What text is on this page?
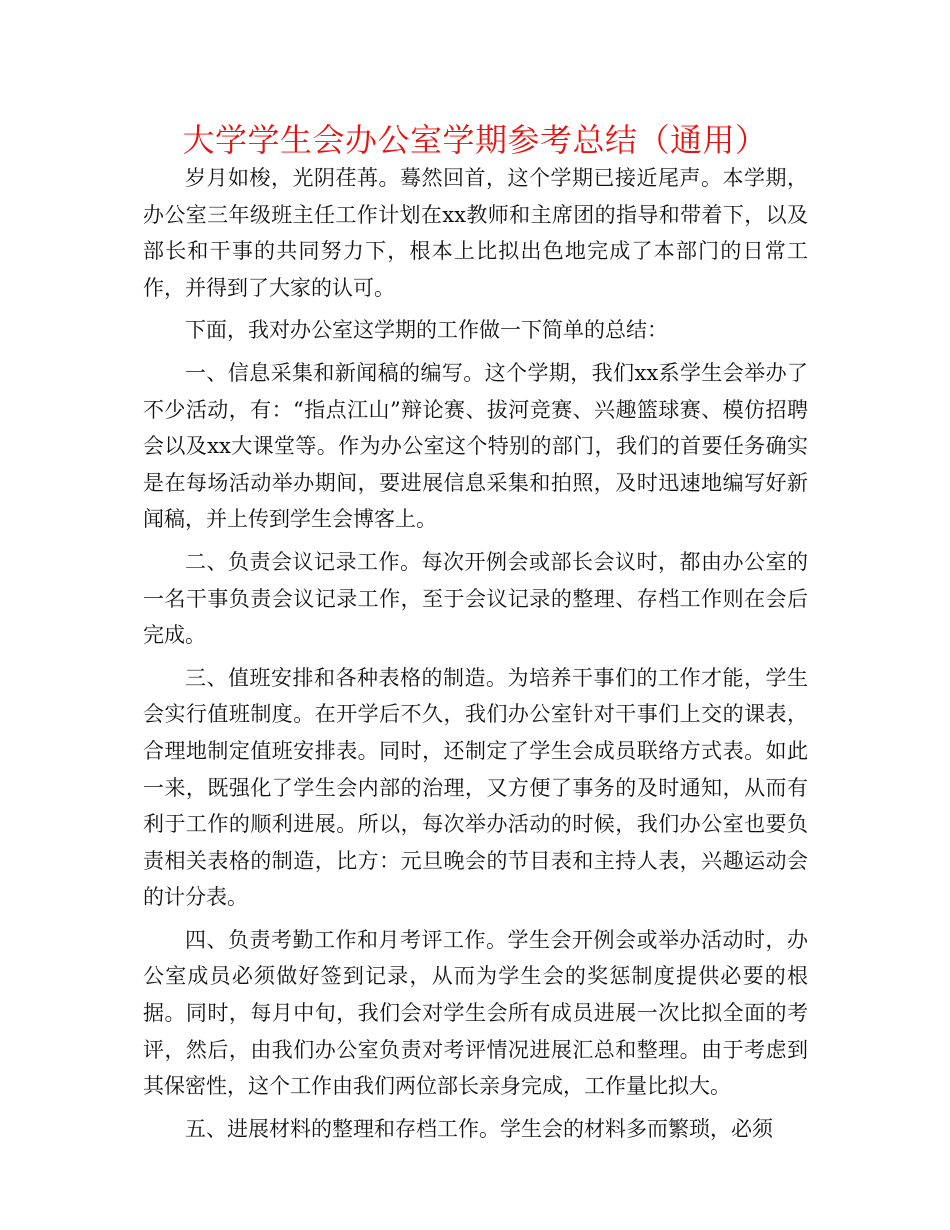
大学学生会办公室学期参考总结（通用）

岁月如梭，光阴荏苒。蓦然回首，这个学期已接近尾声。本学期，办公室三年级班主任工作计划在xx教师和主席团的指导和带着下，以及部长和干事的共同努力下，根本上比拟出色地完成了本部门的日常工作，并得到了大家的认可。

下面，我对办公室这学期的工作做一下简单的总结：

一、信息采集和新闻稿的编写。这个学期，我们xx系学生会举办了不少活动，有：“指点江山”辩论赛、拔河竞赛、兴趣篮球赛、模仿招聘会以及xx大课堂等。作为办公室这个特别的部门，我们的首要任务确实是在每场活动举办期间，要进展信息采集和拍照，及时迅速地编写好新闻稿，并上传到学生会博客上。

二、负责会议记录工作。每次开例会或部长会议时，都由办公室的一名干事负责会议记录工作，至于会议记录的整理、存档工作则在会后完成。

三、值班安排和各种表格的制造。为培养干事们的工作才能，学生会实行值班制度。在开学后不久，我们办公室针对干事们上交的课表，合理地制定值班安排表。同时，还制定了学生会成员联络方式表。如此一来，既强化了学生会内部的治理，又方便了事务的及时通知，从而有利于工作的顺利进展。所以，每次举办活动的时候，我们办公室也要负责相关表格的制造，比方：元旦晚会的节目表和主持人表，兴趣运动会的计分表。

四、负责考勤工作和月考评工作。学生会开例会或举办活动时，办公室成员必须做好签到记录，从而为学生会的奖惩制度提供必要的根据。同时，每月中旬，我们会对学生会所有成员进展一次比拟全面的考评，然后，由我们办公室负责对考评情况进展汇总和整理。由于考虑到其保密性，这个工作由我们两位部长亲身完成，工作量比拟大。

五、进展材料的整理和存档工作。学生会的材料多而繁琐，必须
